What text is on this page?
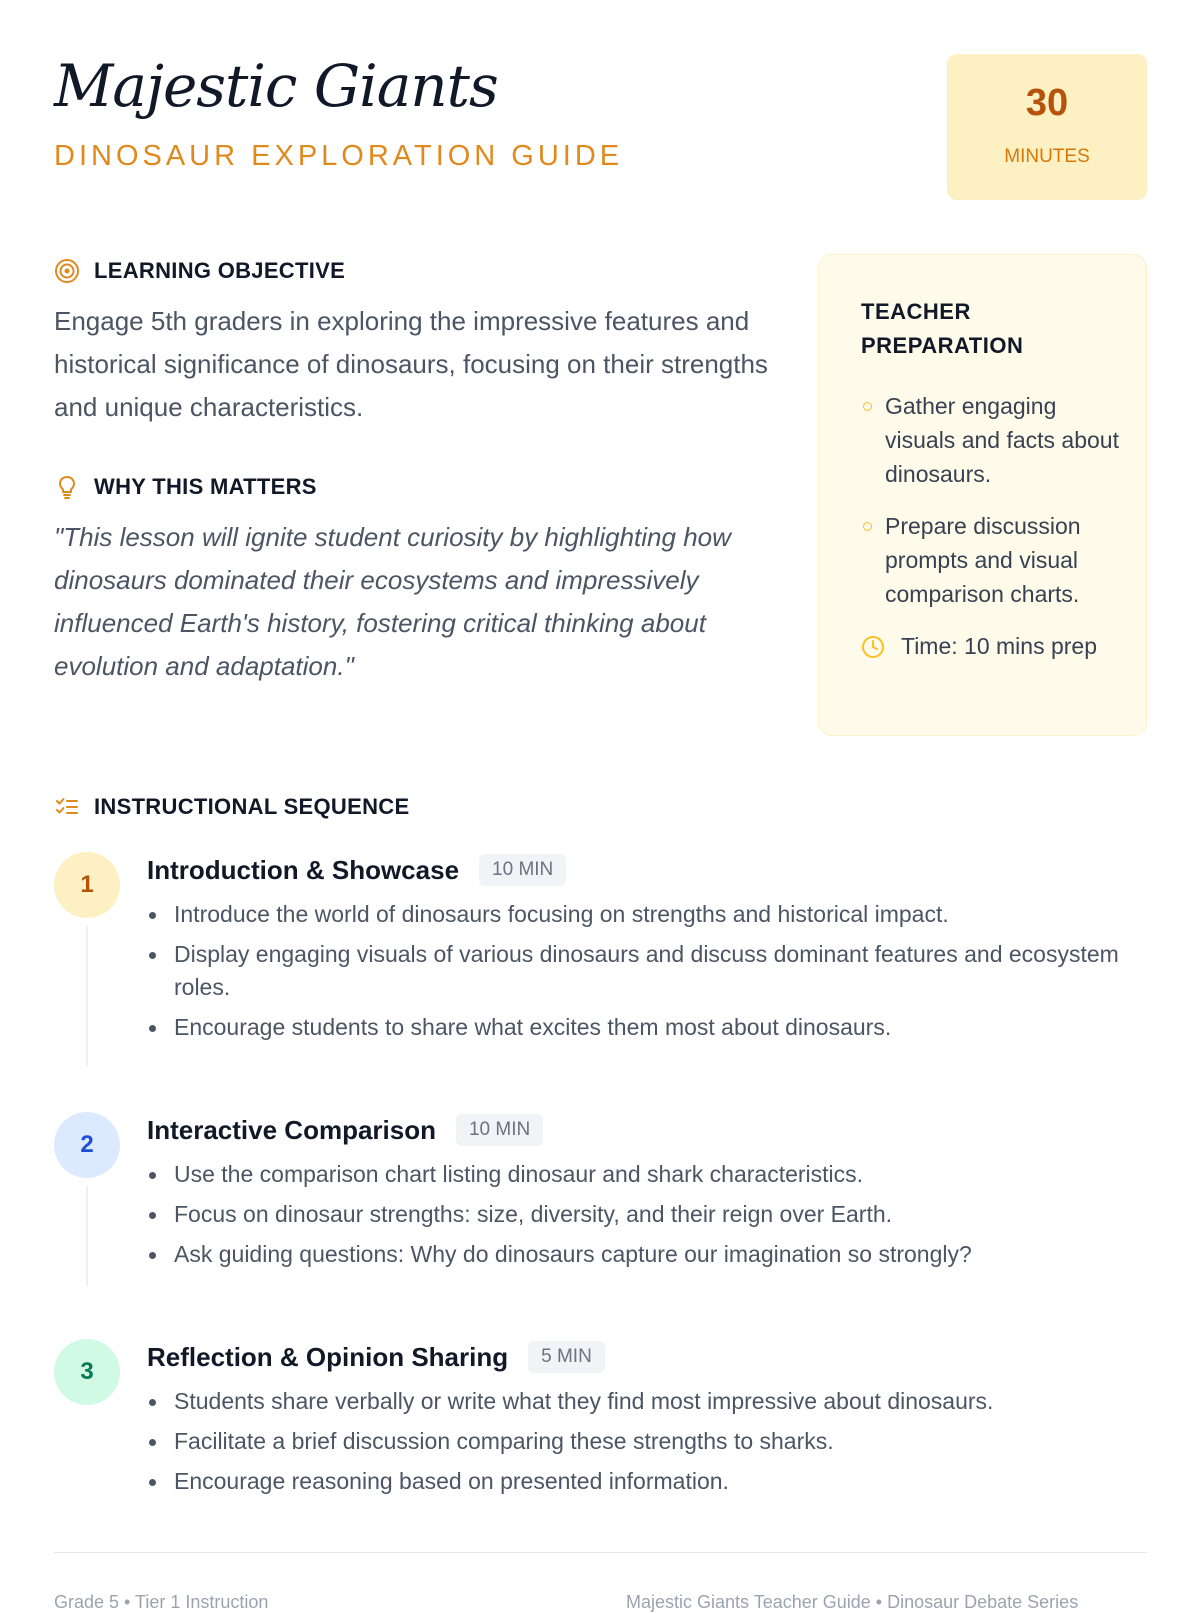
Majestic Giants
DINOSAUR EXPLORATION GUIDE
30
MINUTES
LEARNING OBJECTIVE
Engage 5th graders in exploring the impressive features and historical significance of dinosaurs, focusing on their strengths and unique characteristics.
WHY THIS MATTERS
"This lesson will ignite student curiosity by highlighting how dinosaurs dominated their ecosystems and impressively influenced Earth's history, fostering critical thinking about evolution and adaptation."
TEACHER PREPARATION
Gather engaging visuals and facts about dinosaurs.
Prepare discussion prompts and visual comparison charts.
Time: 10 mins prep
INSTRUCTIONAL SEQUENCE
1	Introduction & Showcase	10 MIN
Introduce the world of dinosaurs focusing on strengths and historical impact.
Display engaging visuals of various dinosaurs and discuss dominant features and ecosystem roles.
Encourage students to share what excites them most about dinosaurs.
2	Interactive Comparison	10 MIN
Use the comparison chart listing dinosaur and shark characteristics.
Focus on dinosaur strengths: size, diversity, and their reign over Earth.
Ask guiding questions: Why do dinosaurs capture our imagination so strongly?
3	Reflection & Opinion Sharing	5 MIN
Students share verbally or write what they find most impressive about dinosaurs.
Facilitate a brief discussion comparing these strengths to sharks.
Encourage reasoning based on presented information.
Grade 5 • Tier 1 Instruction	Majestic Giants Teacher Guide • Dinosaur Debate Series
